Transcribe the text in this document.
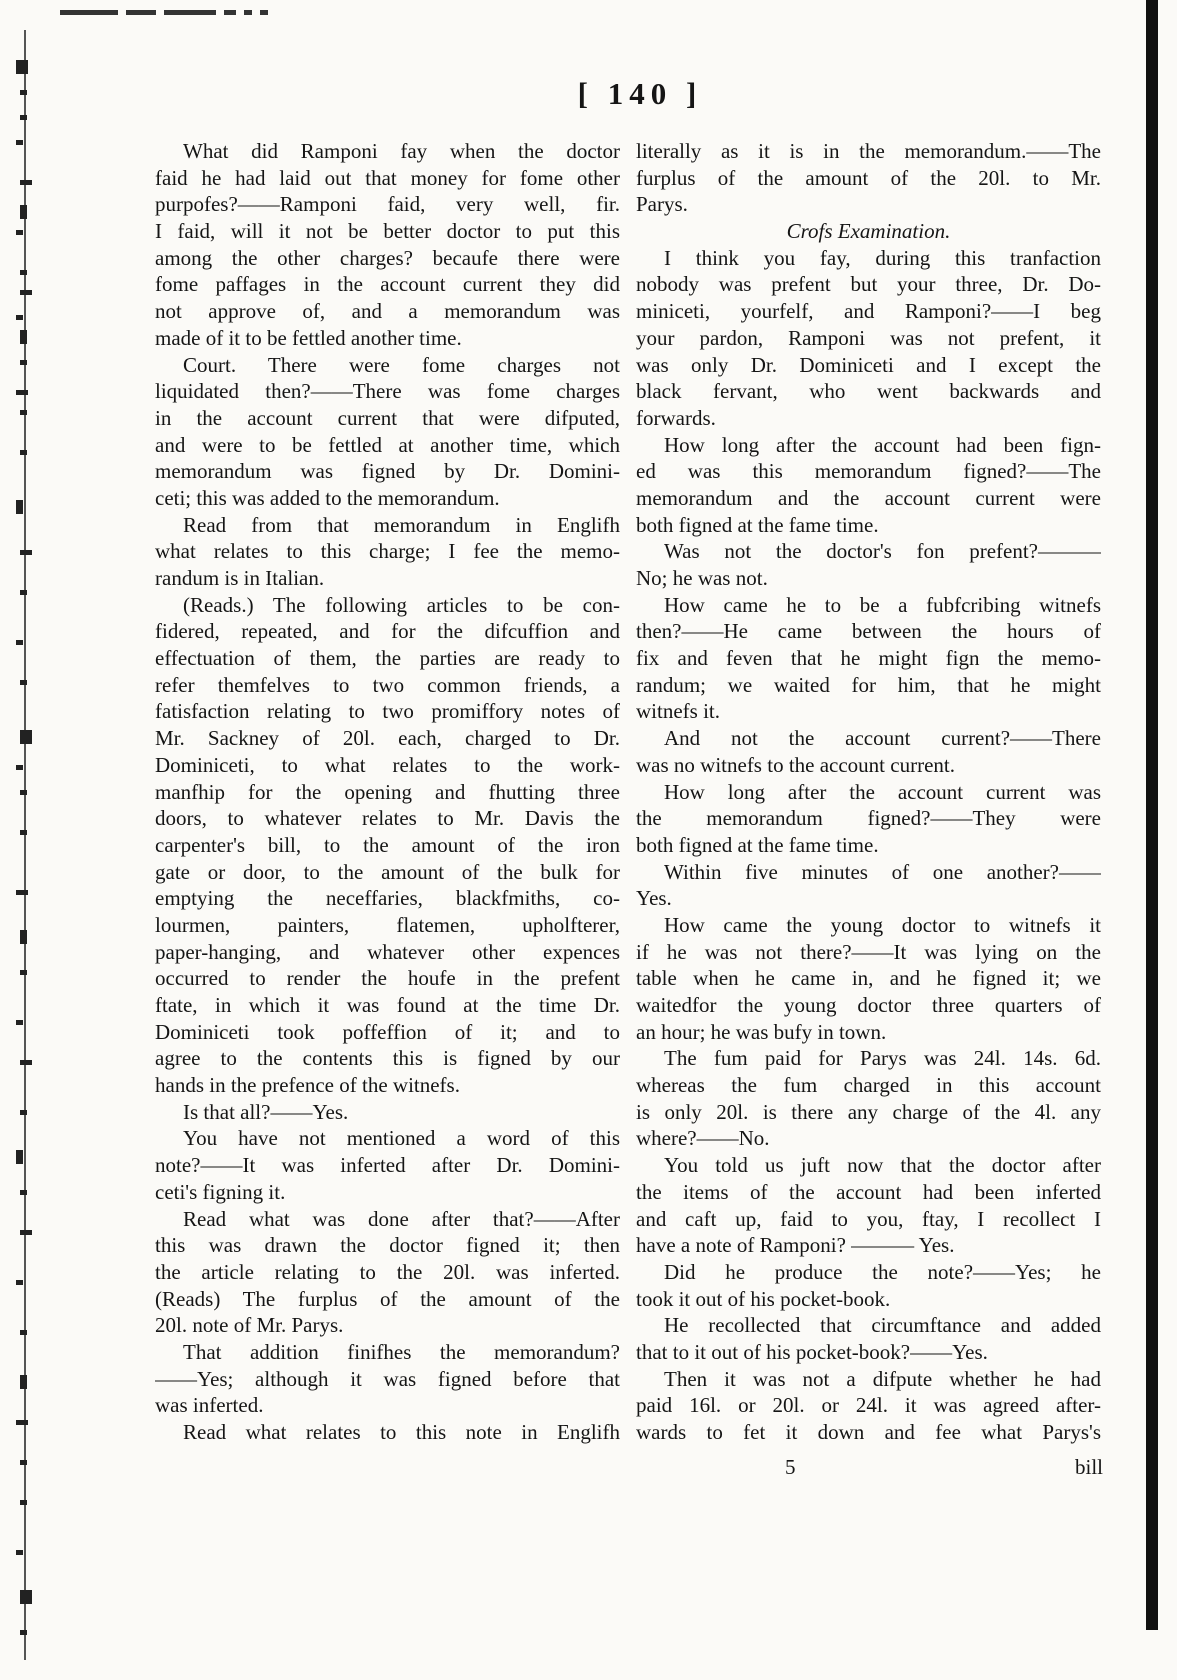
[ 140 ]
What did Ramponi fay when the doctor
faid he had laid out that money for fome other
purpofes?——Ramponi faid, very well, fir.
I faid, will it not be better doctor to put this
among the other charges? becaufe there were
fome paffages in the account current they did
not approve of, and a memorandum was
made of it to be fettled another time.
Court. There were fome charges not
liquidated then?——There was fome charges
in the account current that were difputed,
and were to be fettled at another time, which
memorandum was figned by Dr. Domini-
ceti; this was added to the memorandum.
Read from that memorandum in Englifh
what relates to this charge; I fee the memo-
randum is in Italian.
(Reads.) The following articles to be con-
fidered, repeated, and for the difcuffion and
effectuation of them, the parties are ready to
refer themfelves to two common friends, a
fatisfaction relating to two promiffory notes of
Mr. Sackney of 20l. each, charged to Dr.
Dominiceti, to what relates to the work-
manfhip for the opening and fhutting three
doors, to whatever relates to Mr. Davis the
carpenter's bill, to the amount of the iron
gate or door, to the amount of the bulk for
emptying the neceffaries, blackfmiths, co-
lourmen, painters, flatemen, upholfterer,
paper-hanging, and whatever other expences
occurred to render the houfe in the prefent
ftate, in which it was found at the time Dr.
Dominiceti took poffeffion of it; and to
agree to the contents this is figned by our
hands in the prefence of the witnefs.
Is that all?——Yes.
You have not mentioned a word of this
note?——It was inferted after Dr. Domini-
ceti's figning it.
Read what was done after that?——After
this was drawn the doctor figned it; then
the article relating to the 20l. was inferted.
(Reads) The furplus of the amount of the
20l. note of Mr. Parys.
That addition finifhes the memorandum?
——Yes; although it was figned before that
was inferted.
Read what relates to this note in Englifh
literally as it is in the memorandum.——The
furplus of the amount of the 20l. to Mr.
Parys.
Crofs Examination.
I think you fay, during this tranfaction
nobody was prefent but your three, Dr. Do-
miniceti, yourfelf, and Ramponi?——I beg
your pardon, Ramponi was not prefent, it
was only Dr. Dominiceti and I except the
black fervant, who went backwards and
forwards.
How long after the account had been fign-
ed was this memorandum figned?——The
memorandum and the account current were
both figned at the fame time.
Was not the doctor's fon prefent?———
No; he was not.
How came he to be a fubfcribing witnefs
then?——He came between the hours of
fix and feven that he might fign the memo-
randum; we waited for him, that he might
witnefs it.
And not the account current?——There
was no witnefs to the account current.
How long after the account current was
the memorandum figned?——They were
both figned at the fame time.
Within five minutes of one another?——
Yes.
How came the young doctor to witnefs it
if he was not there?——It was lying on the
table when he came in, and he figned it; we
waitedfor the young doctor three quarters of
an hour; he was bufy in town.
The fum paid for Parys was 24l. 14s. 6d.
whereas the fum charged in this account
is only 20l. is there any charge of the 4l. any
where?——No.
You told us juft now that the doctor after
the items of the account had been inferted
and caft up, faid to you, ftay, I recollect I
have a note of Ramponi? ——— Yes.
Did he produce the note?——Yes; he
took it out of his pocket-book.
He recollected that circumftance and added
that to it out of his pocket-book?——Yes.
Then it was not a difpute whether he had
paid 16l. or 20l. or 24l. it was agreed after-
wards to fet it down and fee what Parys's
5	bill
